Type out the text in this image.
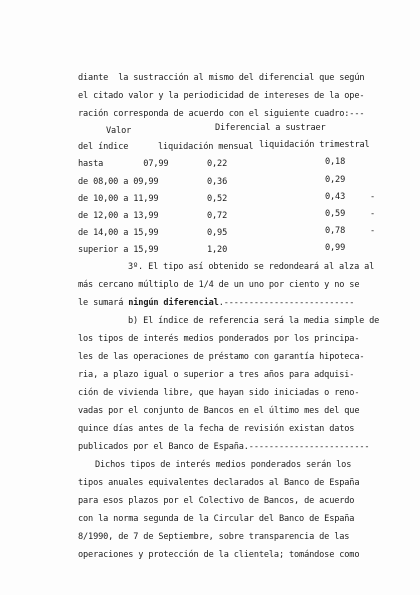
diante  la sustracción al mismo del diferencial que según
el citado valor y la periodicidad de intereses de la ope-
ración corresponda de acuerdo con el siguiente cuadro:---
Valor	Diferencial a sustraer
del índice	liquidación mensual liquidación trimestral
hasta        07,99	0,22	0,18
de 08,00 a 09,99	0,36	0,29
de 10,00 a 11,99	0,52	0,43	-
de 12,00 a 13,99	0,72	0,59	-
de 14,00 a 15,99	0,95	0,78	-
superior a 15,99	1,20	0,99
3º. El tipo así obtenido se redondeará al alza al
más cercano múltiplo de 1/4 de un uno por ciento y no se
le sumará ningún diferencial.--------------------------
b) El índice de referencia será la media simple de
los tipos de interés medios ponderados por los principa-
les de las operaciones de préstamo con garantía hipoteca-
ria, a plazo igual o superior a tres años para adquisi-
ción de vivienda libre, que hayan sido iniciadas o reno-
vadas por el conjunto de Bancos en el último mes del que
quince días antes de la fecha de revisión existan datos
publicados por el Banco de España.------------------------
Dichos tipos de interés medios ponderados serán los
tipos anuales equivalentes declarados al Banco de España
para esos plazos por el Colectivo de Bancos, de acuerdo
con la norma segunda de la Circular del Banco de España
8/1990, de 7 de Septiembre, sobre transparencia de las
operaciones y protección de la clientela; tomándose como
